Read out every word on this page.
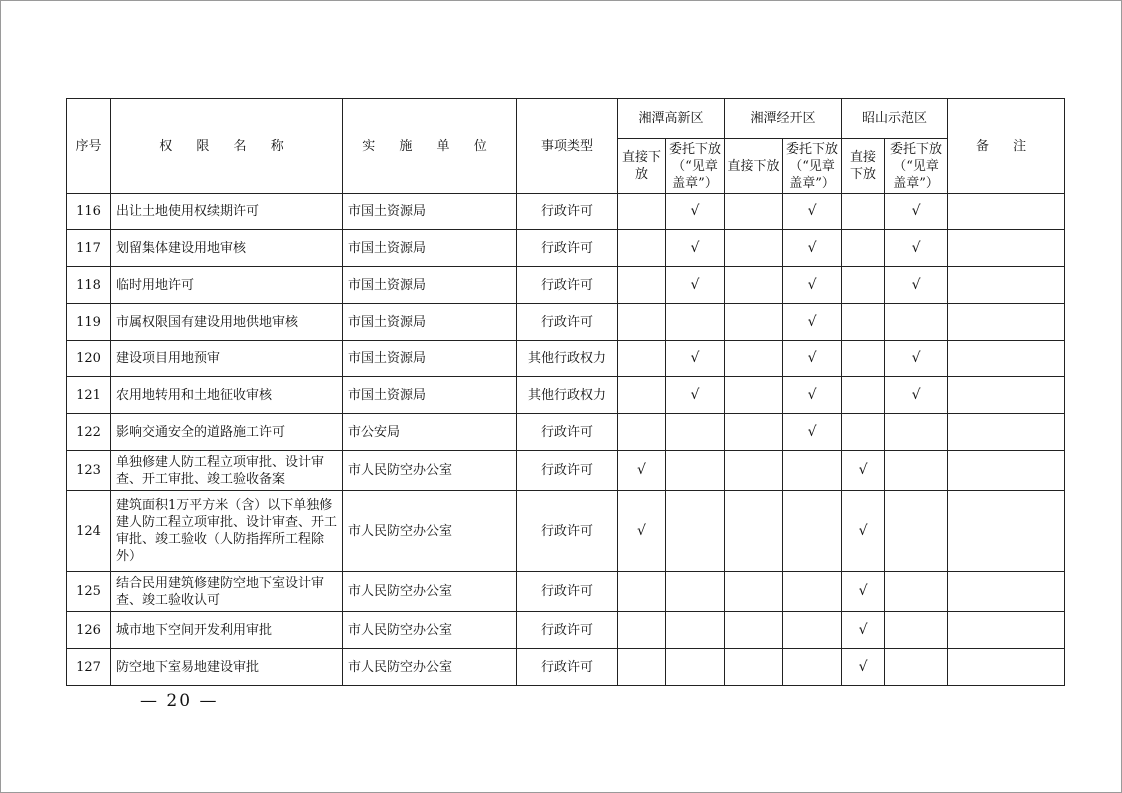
序号	权 限 名 称	实 施 单 位	事项类型	湘潭高新区		湘潭经开区		昭山示范区		备 注
				直接下放	委托下放（“见章盖章”）	直接下放	委托下放（“见章盖章”）	直接下放	委托下放（“见章盖章”）	
116	出让土地使用权续期许可	市国土资源局	行政许可		√		√		√	
117	划留集体建设用地审核	市国土资源局	行政许可		√		√		√	
118	临时用地许可	市国土资源局	行政许可		√		√		√	
119	市属权限国有建设用地供地审核	市国土资源局	行政许可				√			
120	建设项目用地预审	市国土资源局	其他行政权力		√		√		√	
121	农用地转用和土地征收审核	市国土资源局	其他行政权力		√		√		√	
122	影响交通安全的道路施工许可	市公安局	行政许可				√			
123	单独修建人防工程立项审批、设计审查、开工审批、竣工验收备案	市人民防空办公室	行政许可	√				√		
124	建筑面积1万平方米（含）以下单独修建人防工程立项审批、设计审查、开工审批、竣工验收（人防指挥所工程除外）	市人民防空办公室	行政许可	√				√		
125	结合民用建筑修建防空地下室设计审查、竣工验收认可	市人民防空办公室	行政许可					√		
126	城市地下空间开发利用审批	市人民防空办公室	行政许可					√		
127	防空地下室易地建设审批	市人民防空办公室	行政许可					√		
— 20 —
